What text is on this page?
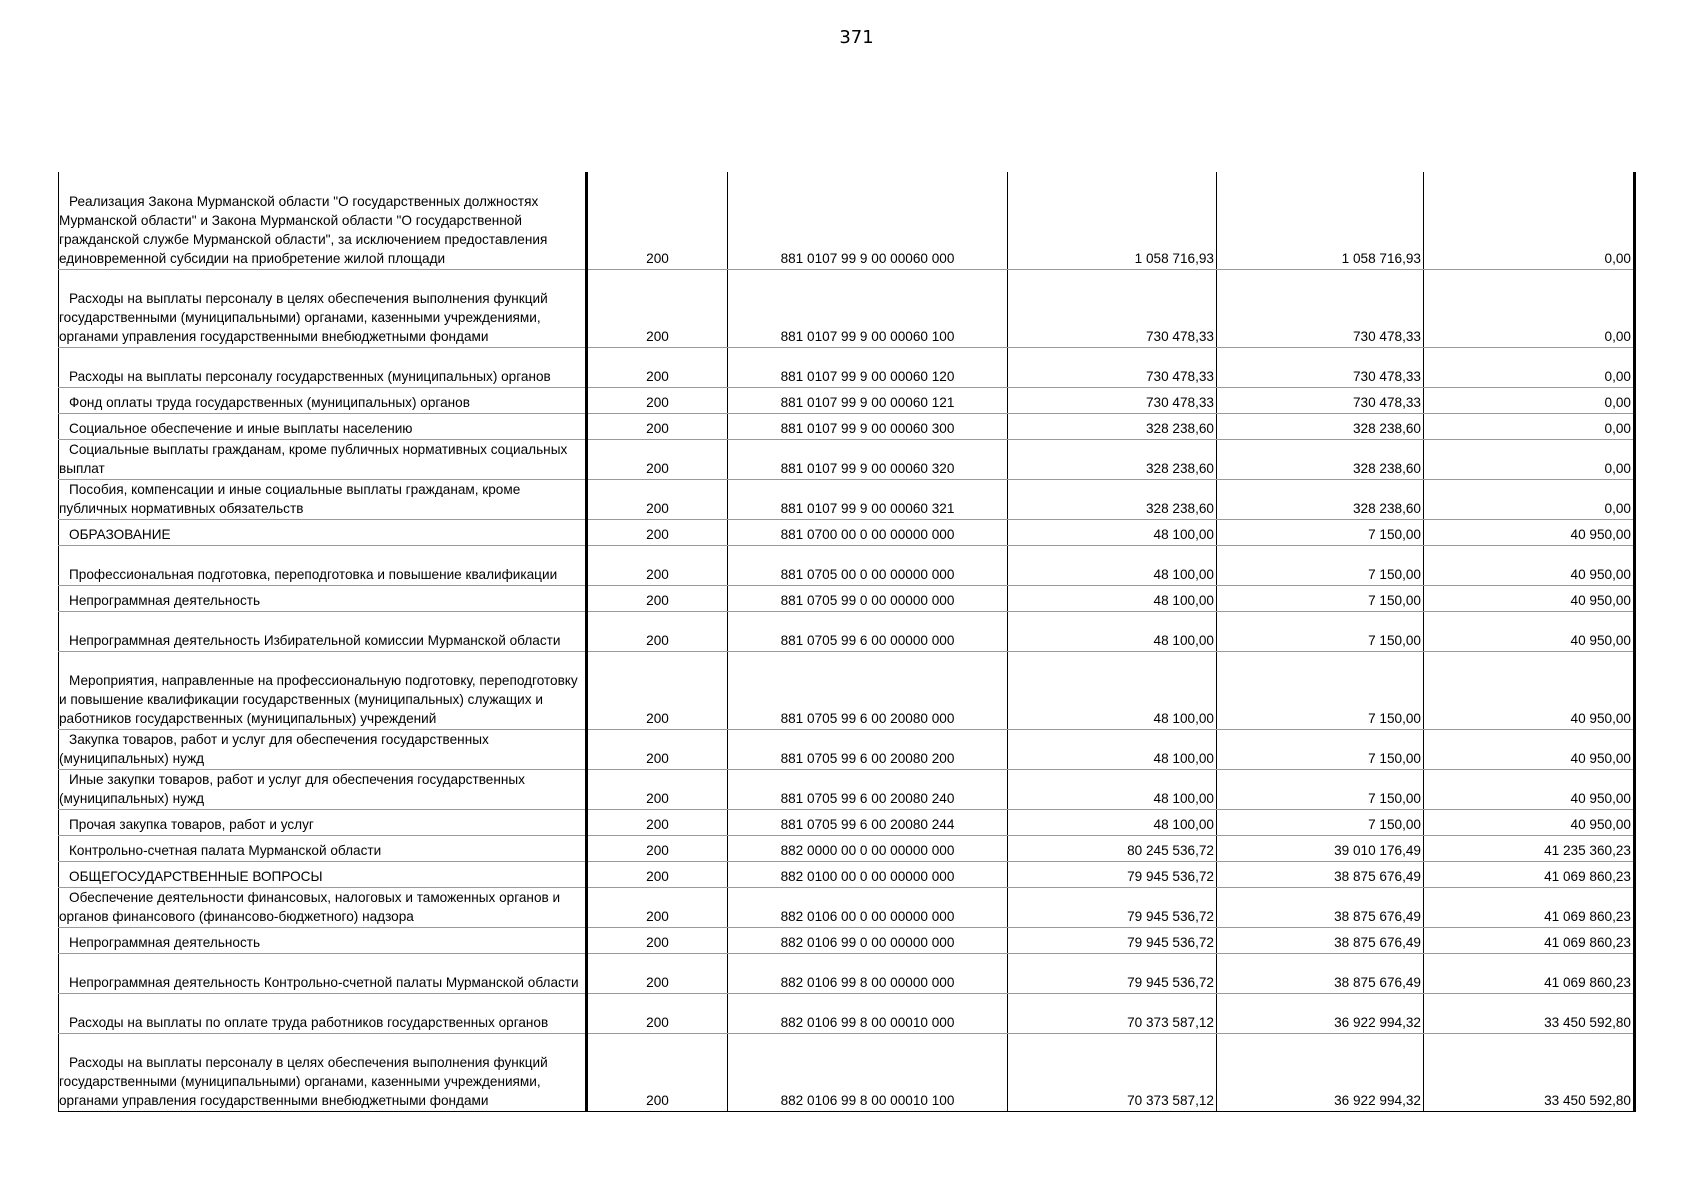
371
Реализация Закона Мурманской области "О государственных должностях Мурманской области" и Закона Мурманской области "О государственной гражданской службе Мурманской области", за исключением предоставления единовременной субсидии на приобретение жилой площади	200	881 0107 99 9 00 00060 000	1 058 716,93	1 058 716,93	0,00

Расходы на выплаты персоналу в целях обеспечения выполнения функций государственными (муниципальными) органами, казенными учреждениями, органами управления государственными внебюджетными фондами	200	881 0107 99 9 00 00060 100	730 478,33	730 478,33	0,00

Расходы на выплаты персоналу государственных (муниципальных) органов	200	881 0107 99 9 00 00060 120	730 478,33	730 478,33	0,00

Фонд оплаты труда государственных (муниципальных) органов	200	881 0107 99 9 00 00060 121	730 478,33	730 478,33	0,00

Социальное обеспечение и иные выплаты населению	200	881 0107 99 9 00 00060 300	328 238,60	328 238,60	0,00

Социальные выплаты гражданам, кроме публичных нормативных социальных выплат	200	881 0107 99 9 00 00060 320	328 238,60	328 238,60	0,00

Пособия, компенсации и иные социальные выплаты гражданам, кроме публичных нормативных обязательств	200	881 0107 99 9 00 00060 321	328 238,60	328 238,60	0,00

ОБРАЗОВАНИЕ	200	881 0700 00 0 00 00000 000	48 100,00	7 150,00	40 950,00

Профессиональная подготовка, переподготовка и повышение квалификации	200	881 0705 00 0 00 00000 000	48 100,00	7 150,00	40 950,00

Непрограммная деятельность	200	881 0705 99 0 00 00000 000	48 100,00	7 150,00	40 950,00

Непрограммная деятельность Избирательной комиссии Мурманской области	200	881 0705 99 6 00 00000 000	48 100,00	7 150,00	40 950,00

Мероприятия, направленные на профессиональную подготовку, переподготовку и повышение квалификации государственных (муниципальных) служащих и работников государственных (муниципальных) учреждений	200	881 0705 99 6 00 20080 000	48 100,00	7 150,00	40 950,00

Закупка товаров, работ и услуг для обеспечения государственных (муниципальных) нужд	200	881 0705 99 6 00 20080 200	48 100,00	7 150,00	40 950,00

Иные закупки товаров, работ и услуг для обеспечения государственных (муниципальных) нужд	200	881 0705 99 6 00 20080 240	48 100,00	7 150,00	40 950,00

Прочая закупка товаров, работ и услуг	200	881 0705 99 6 00 20080 244	48 100,00	7 150,00	40 950,00

Контрольно-счетная палата Мурманской области	200	882 0000 00 0 00 00000 000	80 245 536,72	39 010 176,49	41 235 360,23

ОБЩЕГОСУДАРСТВЕННЫЕ ВОПРОСЫ	200	882 0100 00 0 00 00000 000	79 945 536,72	38 875 676,49	41 069 860,23

Обеспечение деятельности финансовых, налоговых и таможенных органов и органов финансового (финансово-бюджетного) надзора	200	882 0106 00 0 00 00000 000	79 945 536,72	38 875 676,49	41 069 860,23

Непрограммная деятельность	200	882 0106 99 0 00 00000 000	79 945 536,72	38 875 676,49	41 069 860,23

Непрограммная деятельность Контрольно-счетной палаты Мурманской области	200	882 0106 99 8 00 00000 000	79 945 536,72	38 875 676,49	41 069 860,23

Расходы на выплаты по оплате труда работников государственных органов	200	882 0106 99 8 00 00010 000	70 373 587,12	36 922 994,32	33 450 592,80

Расходы на выплаты персоналу в целях обеспечения выполнения функций государственными (муниципальными) органами, казенными учреждениями, органами управления государственными внебюджетными фондами	200	882 0106 99 8 00 00010 100	70 373 587,12	36 922 994,32	33 450 592,80
